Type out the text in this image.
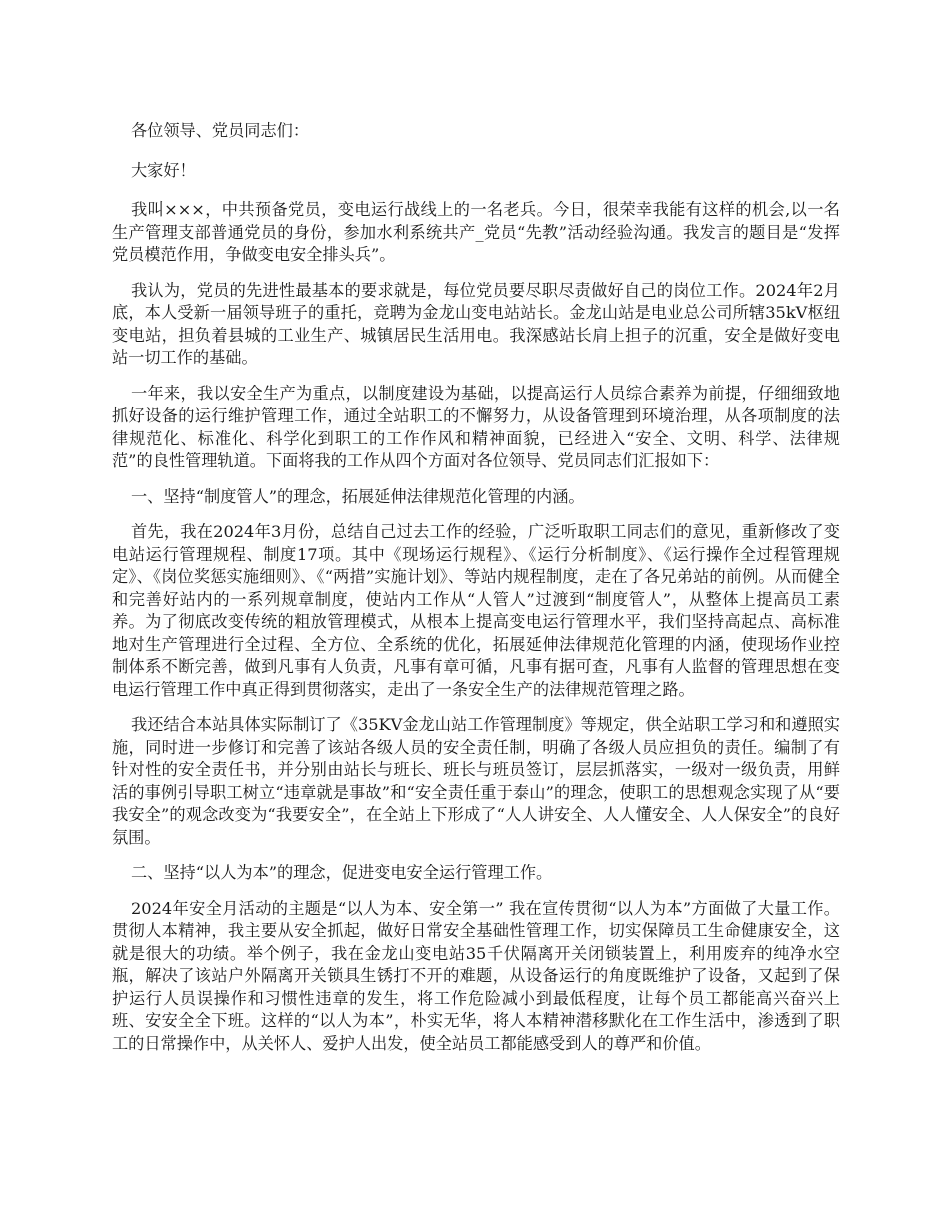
各位领导、党员同志们：

大家好！

我叫×××，中共预备党员，变电运行战线上的一名老兵。今日，很荣幸我能有这样的机会,以一名生产管理支部普通党员的身份，参加水利系统共产_党员“先教”活动经验沟通。我发言的题目是“发挥党员模范作用，争做变电安全排头兵”。

我认为，党员的先进性最基本的要求就是，每位党员要尽职尽责做好自己的岗位工作。2024年2月底，本人受新一届领导班子的重托，竞聘为金龙山变电站站长。金龙山站是电业总公司所辖35kV枢纽变电站，担负着县城的工业生产、城镇居民生活用电。我深感站长肩上担子的沉重，安全是做好变电站一切工作的基础。

一年来，我以安全生产为重点，以制度建设为基础，以提高运行人员综合素养为前提，仔细细致地抓好设备的运行维护管理工作，通过全站职工的不懈努力，从设备管理到环境治理，从各项制度的法律规范化、标准化、科学化到职工的工作作风和精神面貌，已经进入“安全、文明、科学、法律规范”的良性管理轨道。下面将我的工作从四个方面对各位领导、党员同志们汇报如下：

一、坚持“制度管人”的理念，拓展延伸法律规范化管理的内涵。

首先，我在2024年3月份，总结自己过去工作的经验，广泛听取职工同志们的意见，重新修改了变电站运行管理规程、制度17项。其中《现场运行规程》、《运行分析制度》、《运行操作全过程管理规定》、《岗位奖惩实施细则》、《“两措”实施计划》、等站内规程制度，走在了各兄弟站的前例。从而健全和完善好站内的一系列规章制度，使站内工作从“人管人”过渡到“制度管人”，从整体上提高员工素养。为了彻底改变传统的粗放管理模式，从根本上提高变电运行管理水平，我们坚持高起点、高标准地对生产管理进行全过程、全方位、全系统的优化，拓展延伸法律规范化管理的内涵，使现场作业控制体系不断完善，做到凡事有人负责，凡事有章可循，凡事有据可查，凡事有人监督的管理思想在变电运行管理工作中真正得到贯彻落实，走出了一条安全生产的法律规范管理之路。

我还结合本站具体实际制订了《35KV金龙山站工作管理制度》等规定，供全站职工学习和和遵照实施，同时进一步修订和完善了该站各级人员的安全责任制，明确了各级人员应担负的责任。编制了有针对性的安全责任书，并分别由站长与班长、班长与班员签订，层层抓落实，一级对一级负责，用鲜活的事例引导职工树立“违章就是事故”和“安全责任重于泰山”的理念，使职工的思想观念实现了从“要我安全”的观念改变为“我要安全”，在全站上下形成了“人人讲安全、人人懂安全、人人保安全”的良好氛围。

二、坚持“以人为本”的理念，促进变电安全运行管理工作。

2024年安全月活动的主题是“以人为本、安全第一” 我在宣传贯彻“以人为本”方面做了大量工作。贯彻人本精神，我主要从安全抓起，做好日常安全基础性管理工作，切实保障员工生命健康安全，这就是很大的功绩。举个例子，我在金龙山变电站35千伏隔离开关闭锁装置上，利用废弃的纯净水空瓶，解决了该站户外隔离开关锁具生锈打不开的难题，从设备运行的角度既维护了设备，又起到了保护运行人员误操作和习惯性违章的发生，将工作危险减小到最低程度，让每个员工都能高兴奋兴上班、安安全全下班。这样的“以人为本”，朴实无华，将人本精神潜移默化在工作生活中，渗透到了职工的日常操作中，从关怀人、爱护人出发，使全站员工都能感受到人的尊严和价值。
